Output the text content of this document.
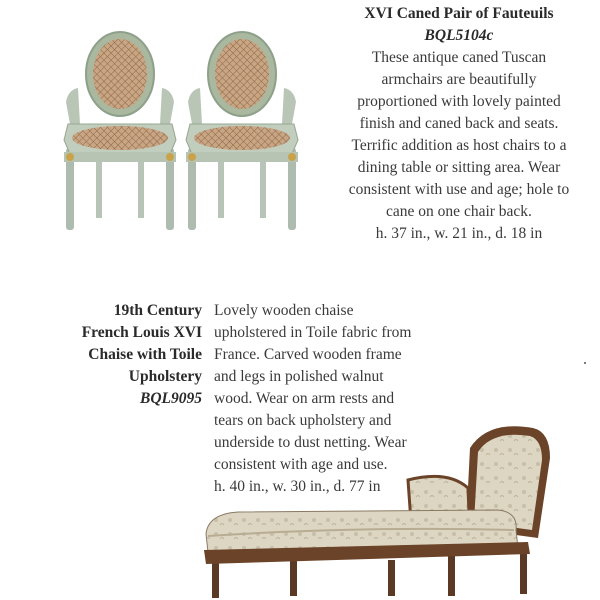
XVI Caned Pair of Fauteuils
BQL5104c
These antique caned Tuscan
armchairs are beautifully
proportioned with lovely painted
finish and caned back and seats.
Terrific addition as host chairs to a
dining table or sitting area. Wear
consistent with use and age; hole to
cane on one chair back.
h. 37 in., w. 21 in., d. 18 in
19th Century
French Louis XVI
Chaise with Toile
Upholstery
BQL9095
Lovely wooden chaise
upholstered in Toile fabric from
France. Carved wooden frame
and legs in polished walnut
wood. Wear on arm rests and
tears on back upholstery and
underside to dust netting. Wear
consistent with age and use.
h. 40 in., w. 30 in., d. 77 in
